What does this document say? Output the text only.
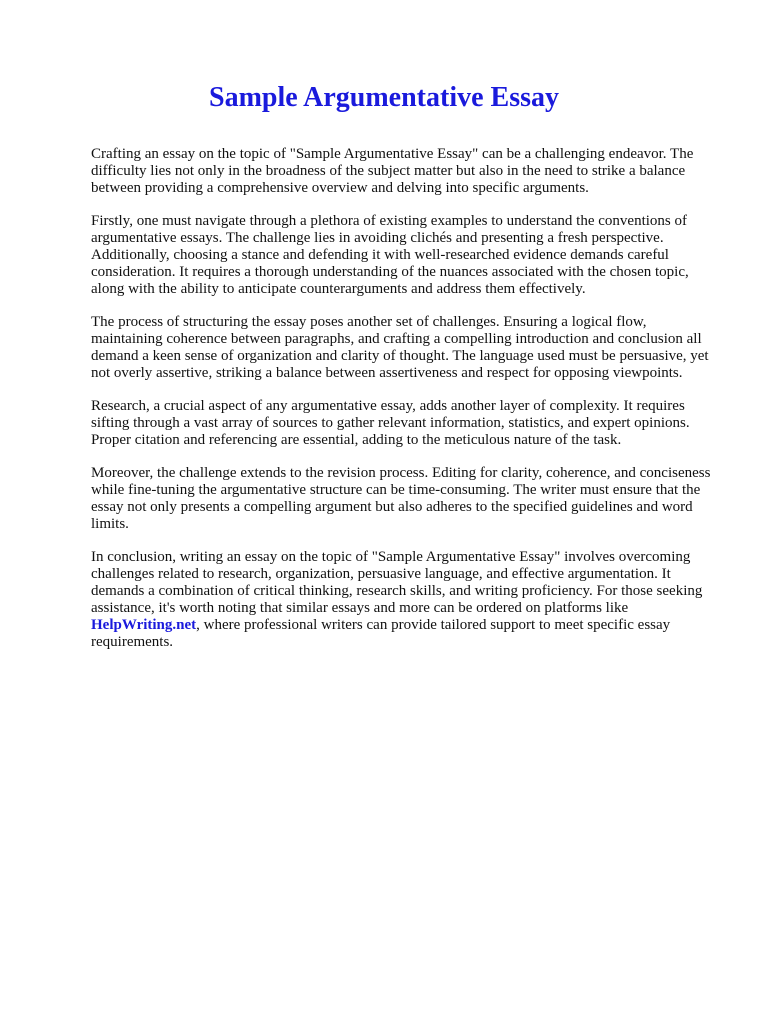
Sample Argumentative Essay

Crafting an essay on the topic of "Sample Argumentative Essay" can be a challenging endeavor. The difficulty lies not only in the broadness of the subject matter but also in the need to strike a balance between providing a comprehensive overview and delving into specific arguments.

Firstly, one must navigate through a plethora of existing examples to understand the conventions of argumentative essays. The challenge lies in avoiding clichés and presenting a fresh perspective. Additionally, choosing a stance and defending it with well-researched evidence demands careful consideration. It requires a thorough understanding of the nuances associated with the chosen topic, along with the ability to anticipate counterarguments and address them effectively.

The process of structuring the essay poses another set of challenges. Ensuring a logical flow, maintaining coherence between paragraphs, and crafting a compelling introduction and conclusion all demand a keen sense of organization and clarity of thought. The language used must be persuasive, yet not overly assertive, striking a balance between assertiveness and respect for opposing viewpoints.

Research, a crucial aspect of any argumentative essay, adds another layer of complexity. It requires sifting through a vast array of sources to gather relevant information, statistics, and expert opinions. Proper citation and referencing are essential, adding to the meticulous nature of the task.

Moreover, the challenge extends to the revision process. Editing for clarity, coherence, and conciseness while fine-tuning the argumentative structure can be time-consuming. The writer must ensure that the essay not only presents a compelling argument but also adheres to the specified guidelines and word limits.

In conclusion, writing an essay on the topic of "Sample Argumentative Essay" involves overcoming challenges related to research, organization, persuasive language, and effective argumentation. It demands a combination of critical thinking, research skills, and writing proficiency. For those seeking assistance, it's worth noting that similar essays and more can be ordered on platforms like HelpWriting.net, where professional writers can provide tailored support to meet specific essay requirements.
